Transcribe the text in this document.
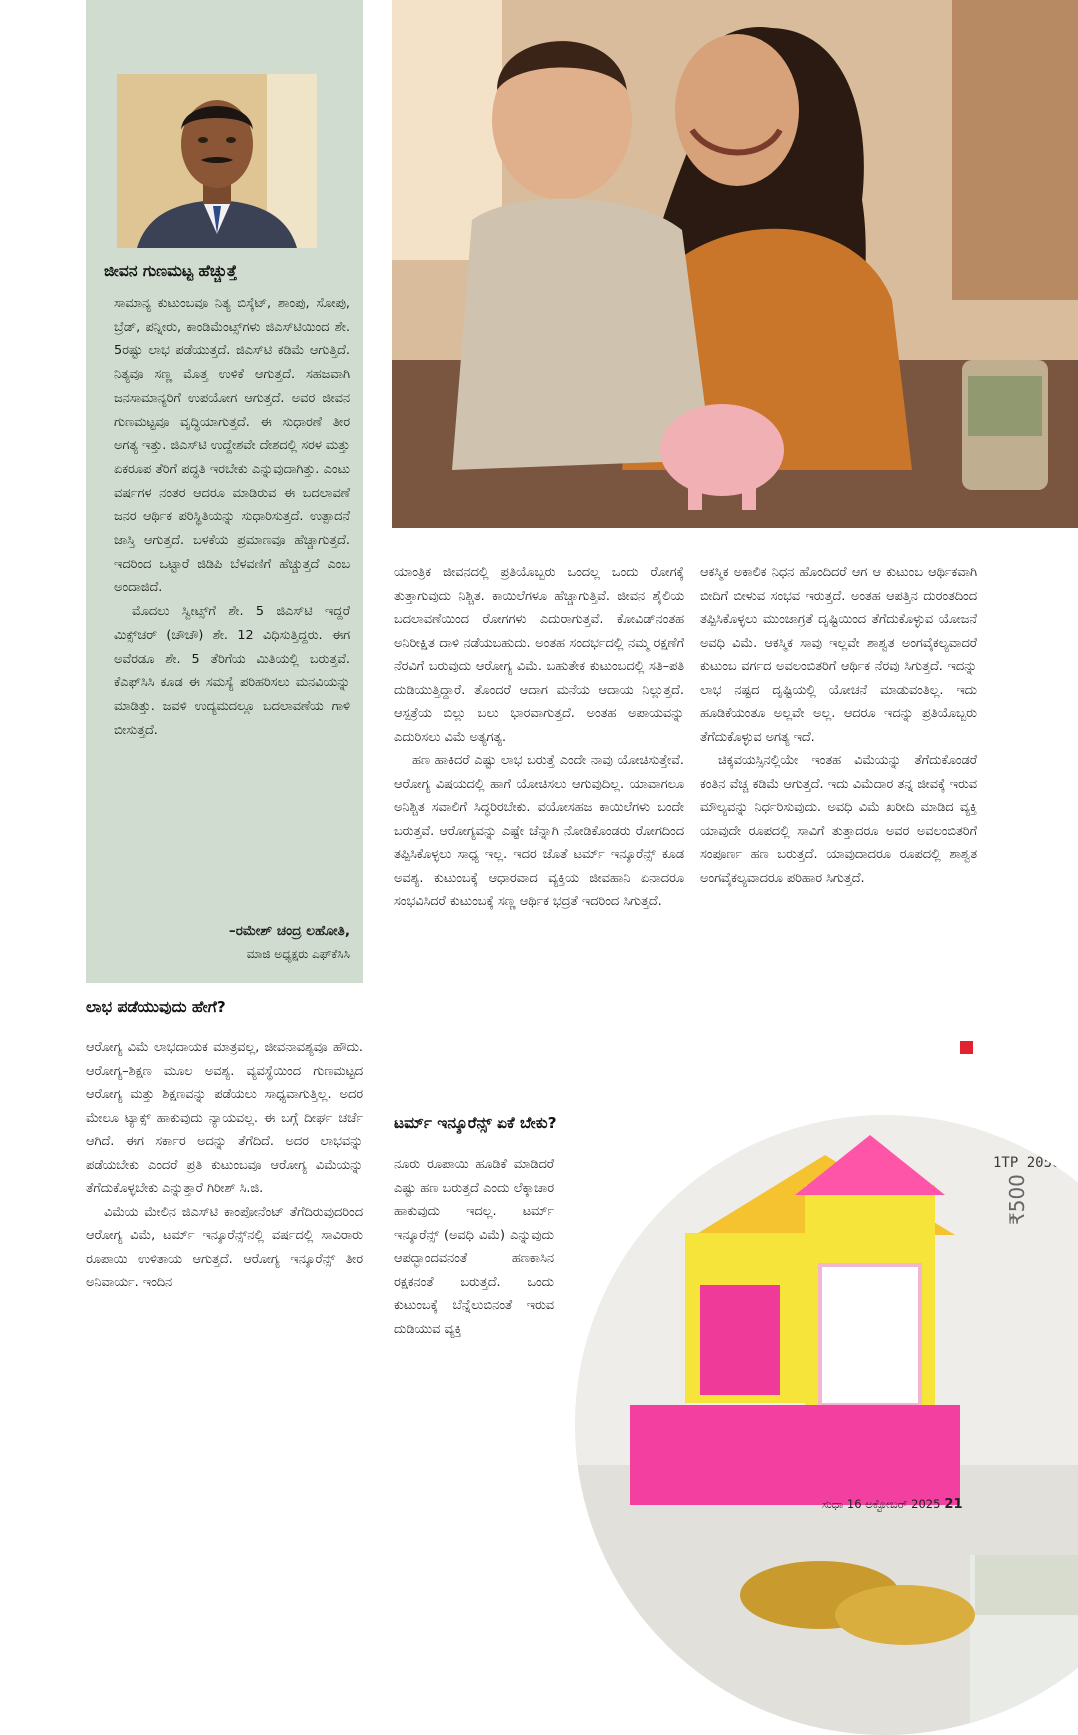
ಜೀವನ ಗುಣಮಟ್ಟ ಹೆಚ್ಚುತ್ತೆ

ಸಾಮಾನ್ಯ ಕುಟುಂಬವೂ ನಿತ್ಯ ಬಿಸ್ಕೆಟ್, ಶಾಂಪು, ಸೋಪು, ಬ್ರೆಡ್, ಪನ್ನೀರು, ಕಾಂಡಿಮೆಂಟ್ಸ್‌ಗಳು ಜಿಎಸ್‌ಟಿಯಿಂದ ಶೇ. 5ರಷ್ಟು ಲಾಭ ಪಡೆಯುತ್ತದೆ. ಜಿಎಸ್‌ಟಿ ಕಡಿಮೆ ಆಗುತ್ತಿದೆ. ನಿತ್ಯವೂ ಸಣ್ಣ ಮೊತ್ತ ಉಳಿಕೆ ಆಗುತ್ತದೆ. ಸಹಜವಾಗಿ ಜನಸಾಮಾನ್ಯರಿಗೆ ಉಪಯೋಗ ಆಗುತ್ತದೆ. ಅವರ ಜೀವನ ಗುಣಮಟ್ಟವೂ ವೃದ್ಧಿಯಾಗುತ್ತದೆ. ಈ ಸುಧಾರಣೆ ತೀರ ಅಗತ್ಯ ಇತ್ತು. ಜಿಎಸ್‌ಟಿ ಉದ್ದೇಶವೇ ದೇಶದಲ್ಲಿ ಸರಳ ಮತ್ತು ಏಕರೂಪ ತೆರಿಗೆ ಪದ್ಧತಿ ಇರಬೇಕು ಎನ್ನುವುದಾಗಿತ್ತು. ಎಂಟು ವರ್ಷಗಳ ನಂತರ ಆದರೂ ಮಾಡಿರುವ ಈ ಬದಲಾವಣೆ ಜನರ ಆರ್ಥಿಕ ಪರಿಸ್ಥಿತಿಯನ್ನು ಸುಧಾರಿಸುತ್ತದೆ. ಉತ್ಪಾದನೆ ಜಾಸ್ತಿ ಆಗುತ್ತದೆ. ಬಳಕೆಯ ಪ್ರಮಾಣವೂ ಹೆಚ್ಚಾಗುತ್ತದೆ. ಇದರಿಂದ ಒಟ್ಟಾರೆ ಜಿಡಿಪಿ ಬೆಳವಣಿಗೆ ಹೆಚ್ಚುತ್ತದೆ ಎಂಬ ಅಂದಾಜಿದೆ.

ಮೊದಲು ಸ್ವೀಟ್ಸ್‌ಗೆ ಶೇ. 5 ಜಿಎಸ್‌ಟಿ ಇದ್ದರೆ ಮಿಕ್ಸ್‌ಚರ್ (ಚೌಚೌ) ಶೇ. 12 ವಿಧಿಸುತ್ತಿದ್ದರು. ಈಗ ಅವೆರಡೂ ಶೇ. 5 ತೆರಿಗೆಯ ಮಿತಿಯಲ್ಲಿ ಬರುತ್ತವೆ. ಕೆಎಫ್‌ಸಿಸಿ ಕೂಡ ಈ ಸಮಸ್ಯೆ ಪರಿಹರಿಸಲು ಮನವಿಯನ್ನು ಮಾಡಿತ್ತು. ಜವಳಿ ಉದ್ಯಮದಲ್ಲೂ ಬದಲಾವಣೆಯ ಗಾಳಿ ಬೀಸುತ್ತದೆ.

–ರಮೇಶ್ ಚಂದ್ರ ಲಹೋತಿ,
ಮಾಜಿ ಅಧ್ಯಕ್ಷರು ಎಫ್‌ಕೆಸಿಸಿ
ಲಾಭ ಪಡೆಯುವುದು ಹೇಗೆ?

ಆರೋಗ್ಯ ವಿಮೆ ಲಾಭದಾಯಕ ಮಾತ್ರವಲ್ಲ, ಜೀವನಾವಶ್ಯವೂ ಹೌದು. ಆರೋಗ್ಯ–ಶಿಕ್ಷಣ ಮೂಲ ಅವಶ್ಯ. ವ್ಯವಸ್ಥೆಯಿಂದ ಗುಣಮಟ್ಟದ ಆರೋಗ್ಯ ಮತ್ತು ಶಿಕ್ಷಣವನ್ನು ಪಡೆಯಲು ಸಾಧ್ಯವಾಗುತ್ತಿಲ್ಲ. ಅದರ ಮೇಲೂ ಟ್ಯಾಕ್ಸ್ ಹಾಕುವುದು ನ್ಯಾಯವಲ್ಲ. ಈ ಬಗ್ಗೆ ದೀರ್ಘ ಚರ್ಚೆ ಆಗಿದೆ. ಈಗ ಸರ್ಕಾರ ಅದನ್ನು ತೆಗೆದಿದೆ. ಅದರ ಲಾಭವನ್ನು ಪಡೆಯಬೇಕು ಎಂದರೆ ಪ್ರತಿ ಕುಟುಂಬವೂ ಆರೋಗ್ಯ ವಿಮೆಯನ್ನು ತೆಗೆದುಕೊಳ್ಳಬೇಕು ಎನ್ನುತ್ತಾರೆ ಗಿರೀಶ್ ಸಿ.ಜಿ.

ವಿಮೆಯ ಮೇಲಿನ ಜಿಎಸ್‌ಟಿ ಕಾಂಪೋನೆಂಟ್ ತೆಗೆದಿರುವುದರಿಂದ ಆರೋಗ್ಯ ವಿಮೆ, ಟರ್ಮ್ ಇನ್ಶೂರೆನ್ಸ್‌ನಲ್ಲಿ ವರ್ಷದಲ್ಲಿ ಸಾವಿರಾರು ರೂಪಾಯಿ ಉಳಿತಾಯ ಆಗುತ್ತದೆ. ಆರೋಗ್ಯ ಇನ್ಶೂರೆನ್ಸ್ ತೀರ ಅನಿವಾರ್ಯ. ಇಂದಿನ

ಯಾಂತ್ರಿಕ ಜೀವನದಲ್ಲಿ ಪ್ರತಿಯೊಬ್ಬರು ಒಂದಲ್ಲ ಒಂದು ರೋಗಕ್ಕೆ ತುತ್ತಾಗುವುದು ನಿಶ್ಚಿತ. ಕಾಯಿಲೆಗಳೂ ಹೆಚ್ಚಾಗುತ್ತಿವೆ. ಜೀವನ ಶೈಲಿಯ ಬದಲಾವಣೆಯಿಂದ ರೋಗಗಳು ಎದುರಾಗುತ್ತವೆ. ಕೋವಿಡ್‌ನಂತಹ ಅನಿರೀಕ್ಷಿತ ದಾಳಿ ನಡೆಯಬಹುದು. ಅಂತಹ ಸಂದರ್ಭದಲ್ಲಿ ನಮ್ಮ ರಕ್ಷಣೆಗೆ ನೆರವಿಗೆ ಬರುವುದು ಆರೋಗ್ಯ ವಿಮೆ. ಬಹುತೇಕ ಕುಟುಂಬದಲ್ಲಿ ಸತಿ–ಪತಿ ದುಡಿಯುತ್ತಿದ್ದಾರೆ. ತೊಂದರೆ ಆದಾಗ ಮನೆಯ ಆದಾಯ ನಿಲ್ಲುತ್ತದೆ. ಆಸ್ಪತ್ರೆಯ ಬಿಲ್ಲು ಬಲು ಭಾರವಾಗುತ್ತದೆ. ಅಂತಹ ಅಪಾಯವನ್ನು ಎದುರಿಸಲು ವಿಮೆ ಅತ್ಯಗತ್ಯ.

ಹಣ ಹಾಕಿದರೆ ಎಷ್ಟು ಲಾಭ ಬರುತ್ತೆ ಎಂದೇ ನಾವು ಯೋಚಿಸುತ್ತೇವೆ. ಆರೋಗ್ಯ ವಿಷಯದಲ್ಲಿ ಹಾಗೆ ಯೋಚಿಸಲು ಆಗುವುದಿಲ್ಲ. ಯಾವಾಗಲೂ ಅನಿಶ್ಚಿತ ಸವಾಲಿಗೆ ಸಿದ್ಧರಿರಬೇಕು. ವಯೋಸಹಜ ಕಾಯಿಲೆಗಳು ಬಂದೇ ಬರುತ್ತವೆ. ಆರೋಗ್ಯವನ್ನು ಎಷ್ಟೇ ಚೆನ್ನಾಗಿ ನೋಡಿಕೊಂಡರು ರೋಗದಿಂದ ತಪ್ಪಿಸಿಕೊಳ್ಳಲು ಸಾಧ್ಯ ಇಲ್ಲ. ಇದರ ಜೊತೆ ಟರ್ಮ್ ಇನ್ಶೂರೆನ್ಸ್ ಕೂಡ ಅವಶ್ಯ. ಕುಟುಂಬಕ್ಕೆ ಆಧಾರವಾದ ವ್ಯಕ್ತಿಯ ಜೀವಹಾನಿ ಏನಾದರೂ ಸಂಭವಿಸಿದರೆ ಕುಟುಂಬಕ್ಕೆ ಸಣ್ಣ ಆರ್ಥಿಕ ಭದ್ರತೆ ಇದರಿಂದ ಸಿಗುತ್ತದೆ.

ಟರ್ಮ್ ಇನ್ಶೂರೆನ್ಸ್ ಏಕೆ ಬೇಕು?
ನೂರು ರೂಪಾಯಿ ಹೂಡಿಕೆ ಮಾಡಿದರೆ ಎಷ್ಟು ಹಣ ಬರುತ್ತದೆ ಎಂದು ಲೆಕ್ಕಾಚಾರ ಹಾಕುವುದು ಇದಲ್ಲ. ಟರ್ಮ್ ಇನ್ಶೂರೆನ್ಸ್ (ಅವಧಿ ವಿಮೆ) ಎನ್ನುವುದು ಆಪದ್ಭಾಂದವನಂತೆ ಹಣಕಾಸಿನ ರಕ್ಷಕನಂತೆ ಬರುತ್ತದೆ. ಒಂದು ಕುಟುಂಬಕ್ಕೆ ಬೆನ್ನೆಲುಬಿನಂತೆ ಇರುವ ದುಡಿಯುವ ವ್ಯಕ್ತಿ

ಆಕಸ್ಮಿಕ ಅಕಾಲಿಕ ನಿಧನ ಹೊಂದಿದರೆ ಆಗ ಆ ಕುಟುಂಬ ಆರ್ಥಿಕವಾಗಿ ಬೀದಿಗೆ ಬೀಳುವ ಸಂಭವ ಇರುತ್ತದೆ. ಅಂತಹ ಆಪತ್ತಿನ ದುರಂತದಿಂದ ತಪ್ಪಿಸಿಕೊಳ್ಳಲು ಮುಂಜಾಗ್ರತೆ ದೃಷ್ಟಿಯಿಂದ ತೆಗೆದುಕೊಳ್ಳುವ ಯೋಜನೆ ಅವಧಿ ವಿಮೆ. ಆಕಸ್ಮಿಕ ಸಾವು ಇಲ್ಲವೇ ಶಾಶ್ವತ ಅಂಗವೈಕಲ್ಯವಾದರೆ ಕುಟುಂಬ ವರ್ಗದ ಅವಲಂಬಿತರಿಗೆ ಆರ್ಥಿಕ ನೆರವು ಸಿಗುತ್ತದೆ. ಇದನ್ನು ಲಾಭ ನಷ್ಟದ ದೃಷ್ಟಿಯಲ್ಲಿ ಯೋಚನೆ ಮಾಡುವಂತಿಲ್ಲ. ಇದು ಹೂಡಿಕೆಯಂತೂ ಅಲ್ಲವೇ ಅಲ್ಲ. ಆದರೂ ಇದನ್ನು ಪ್ರತಿಯೊಬ್ಬರು ತೆಗೆದುಕೊಳ್ಳುವ ಅಗತ್ಯ ಇದೆ.

ಚಿಕ್ಕವಯಸ್ಸಿನಲ್ಲಿಯೇ ಇಂತಹ ವಿಮೆಯನ್ನು ತೆಗೆದುಕೊಂಡರೆ ಕಂತಿನ ವೆಚ್ಚ ಕಡಿಮೆ ಆಗುತ್ತದೆ. ಇದು ವಿಮೆದಾರ ತನ್ನ ಜೀವಕ್ಕೆ ಇರುವ ಮೌಲ್ಯವನ್ನು ನಿರ್ಧರಿಸುವುದು. ಅವಧಿ ವಿಮೆ ಖರೀದಿ ಮಾಡಿದ ವ್ಯಕ್ತಿ ಯಾವುದೇ ರೂಪದಲ್ಲಿ ಸಾವಿಗೆ ತುತ್ತಾದರೂ ಅವರ ಅವಲಂಬಿತರಿಗೆ ಸಂಪೂರ್ಣ ಹಣ ಬರುತ್ತದೆ. ಯಾವುದಾದರೂ ರೂಪದಲ್ಲಿ ಶಾಶ್ವತ ಅಂಗವೈಕಲ್ಯವಾದರೂ ಪರಿಹಾರ ಸಿಗುತ್ತದೆ.

भारतीय रिज़र्व
1TP 20560
₹500
ಸುಧಾ 16 ಅಕ್ಟೋಬರ್ 2025 21
